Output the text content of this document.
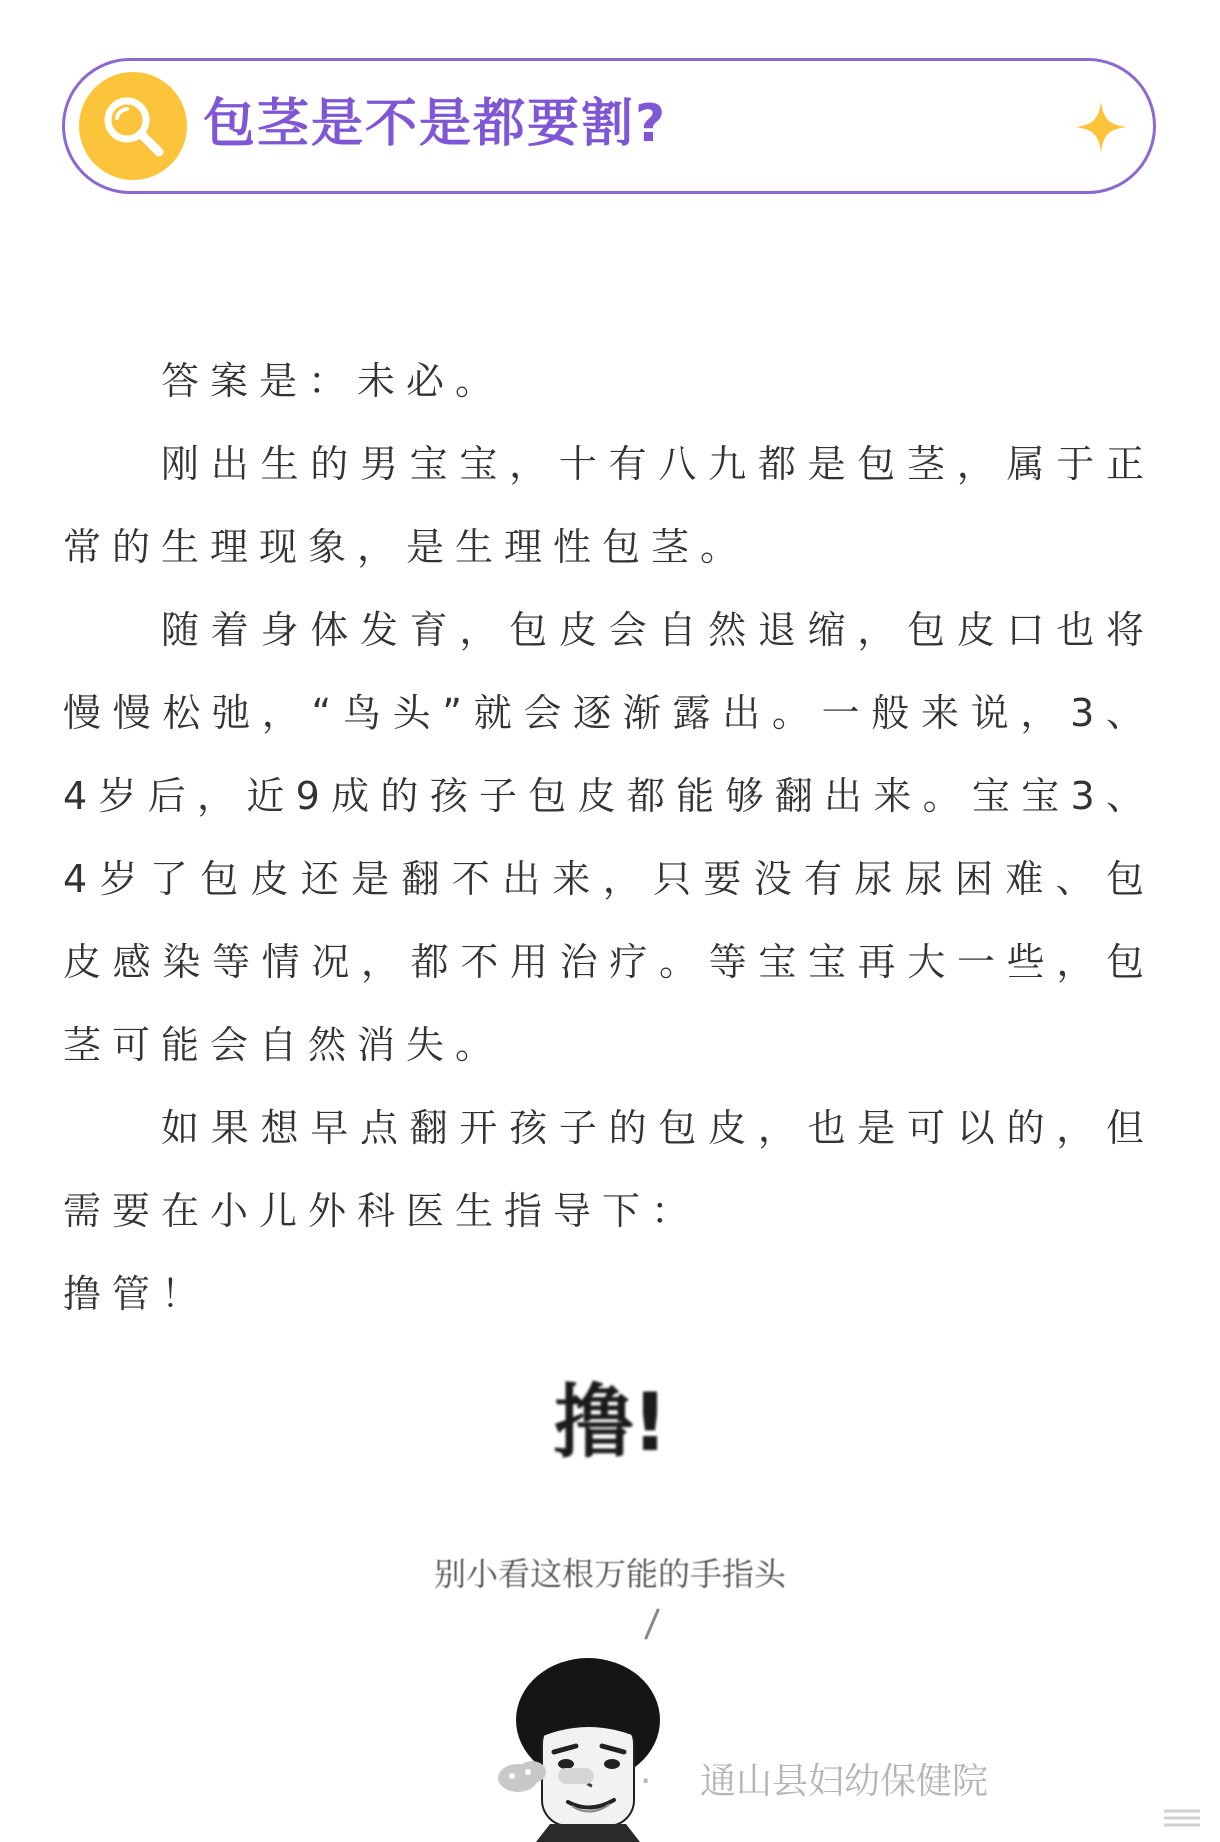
包茎是不是都要割?

答案是：未必。

刚出生的男宝宝，十有八九都是包茎，属于正常的生理现象，是生理性包茎。

随着身体发育，包皮会自然退缩，包皮口也将慢慢松弛，“鸟头”就会逐渐露出。一般来说，3、4岁后，近9成的孩子包皮都能够翻出来。宝宝3、4岁了包皮还是翻不出来，只要没有尿尿困难、包皮感染等情况，都不用治疗。等宝宝再大一些，包茎可能会自然消失。

如果想早点翻开孩子的包皮，也是可以的，但需要在小儿外科医生指导下：

撸管！

撸!
别小看这根万能的手指头
· 通山县妇幼保健院
